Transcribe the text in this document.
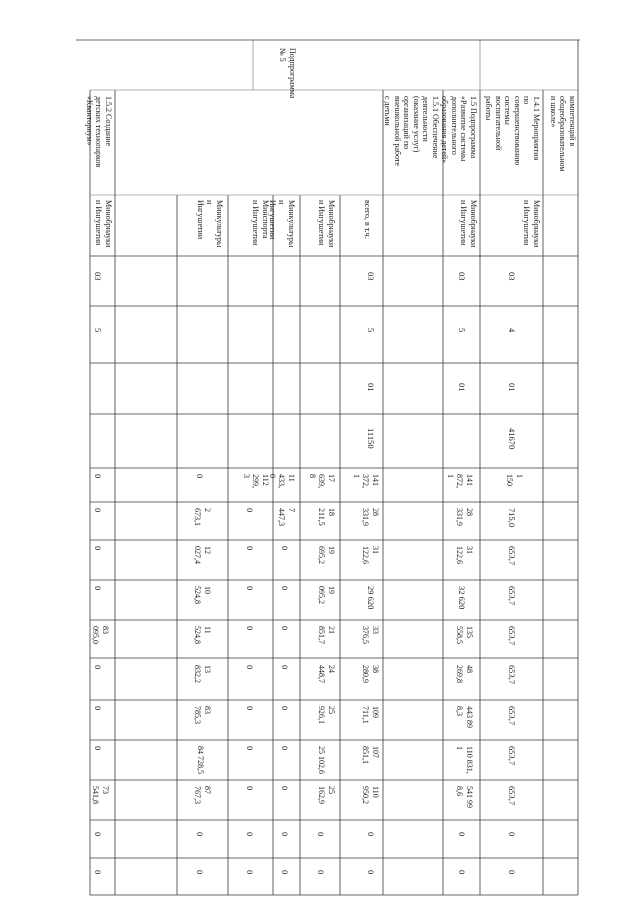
Подпрограмма
№ 5
компетенций в
общеобразовательном
и школе»
1.4.1 Мероприятия
по
совершенствованию
системы
воспитательной
работы
Минобрнауки
и Ингушетии
03
4
01
41670
1
150
715,0
653,7
653,7
653,7
653,7
653,7
653,7
653,7
0
0
1.5 Подпрограмма
«Развитие системы
дополнительного
образования детей»
Минобрнауки
и Ингушетии
03
5
01
141
872,
1
28
331,9
31
122,6
32 620
135
558,5
48
269,8
443 89
8,3
110 831,
1
541 99
8,6
0
0
1.5.1 Обеспечение
деятельности
(оказание услуг)
организаций по
внешкольной работе
с детьми
всего, в т.ч.
03
5
01
11150
141
372,
1
28
331,9
31
122,6
29 620
33
376,5
38
280,9
109
711,1
107
851,1
110
950,2
0
0
Минобрнауки
и Ингушетии
17
639,
8
18
211,5
19
695,2
19
095,2
21
851,7
24
448,7
25
926,1
25 102,6
25
162,9
0
0
Минкультуры
и
Ингушетии
11
433,
0
7
447,3
0
0
0
0
0
0
0
0
0
Минспорта
и Ингушетии
112
299,
3
0
0
0
0
0
0
0
0
0
0
Минкультуры
и
Ингушетии
0
2
673,1
12
027,4
10
524,8
11
524,8
13
832,2
83
785,3
84 728,5
87
767,3
0
0
1.5.2 Создание
детских технопарков
«Кванториум»
Минобрнауки
и Ингушетии
03
5
0
0
0
0
83
095,0
0
0
0
73
541,8
0
0
